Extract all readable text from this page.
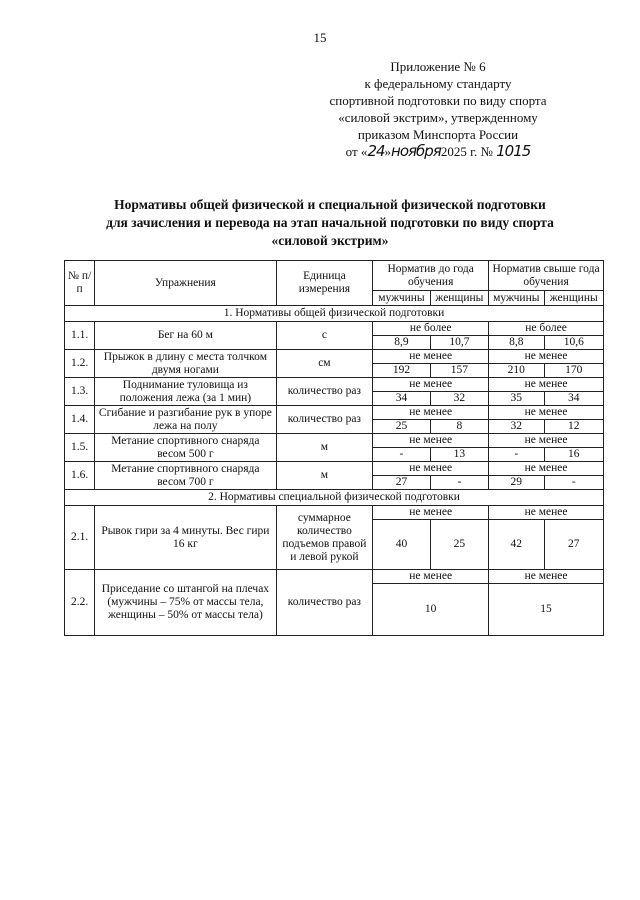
15
Приложение № 6
к федеральному стандарту
спортивной подготовки по виду спорта
«силовой экстрим», утвержденному
приказом Минспорта России
от «24»ноября2025 г. № 1015
Нормативы общей физической и специальной физической подготовки
для зачисления и перевода на этап начальной подготовки по виду спорта
«силовой экстрим»
№ п/п	Упражнения	Единица измерения	Норматив до года обучения		Норматив свыше года обучения	
			мужчины	женщины	мужчины	женщины
1. Нормативы общей физической подготовки						
1.1.	Бег на 60 м	с	не более		не более	
			8,9	10,7	8,8	10,6
1.2.	Прыжок в длину с места толчком двумя ногами	см	не менее		не менее	
			192	157	210	170
1.3.	Поднимание туловища из положения лежа (за 1 мин)	количество раз	не менее		не менее	
			34	32	35	34
1.4.	Сгибание и разгибание рук в упоре лежа на полу	количество раз	не менее		не менее	
			25	8	32	12
1.5.	Метание спортивного снаряда весом 500 г	м	не менее		не менее	
			-	13	-	16
1.6.	Метание спортивного снаряда весом 700 г	м	не менее		не менее	
			27	-	29	-
2. Нормативы специальной физической подготовки						
2.1.	Рывок гири за 4 минуты. Вес гири 16 кг	суммарное количество подъемов правой и левой рукой	не менее		не менее	
			40	25	42	27
2.2.	Приседание со штангой на плечах (мужчины – 75% от массы тела, женщины – 50% от массы тела)	количество раз	не менее		не менее	
			10		15	
